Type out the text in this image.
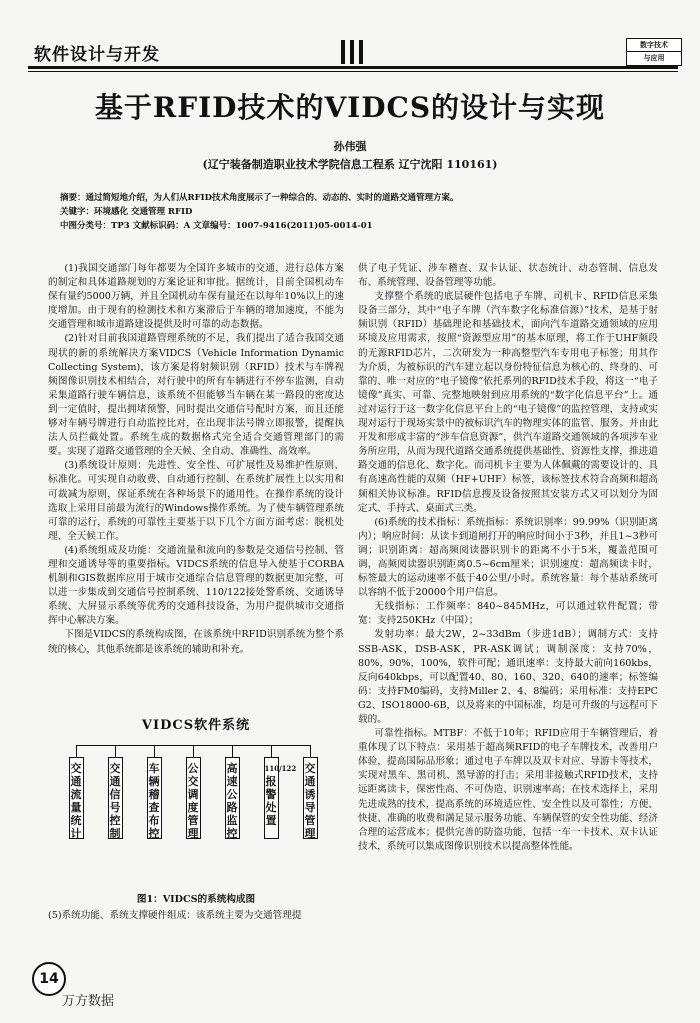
软件设计与开发
数字技术
与应用
基于RFID技术的VIDCS的设计与实现
孙伟强
(辽宁装备制造职业技术学院信息工程系 辽宁沈阳 110161)
摘要：通过简短地介绍，为人们从RFID技术角度展示了一种综合的、动态的、实时的道路交通管理方案。
关键字：环境感化 交通管理 RFID
中图分类号：TP3 文献标识码：A 文章编号：1007-9416(2011)05-0014-01

(1)我国交通部门每年都要为全国许多城市的交通，进行总体方案的制定和具体道路规划的方案论证和审批。据统计，目前全国机动车保有量约5000万辆，并且全国机动车保有量还在以每年10%以上的速度增加。由于现有的检测技术和方案滞后于车辆的增加速度，不能为交通管理和城市道路建设提供及时可靠的动态数据。

(2)针对目前我国道路管理系统的不足，我们提出了适合我国交通现状的新的系统解决方案VIDCS（Vehicle Information Dynamic Collecting System)，该方案是将射频识别（RFID）技术与车牌视频图像识别技术相结合，对行驶中的所有车辆进行不停车监测，自动采集道路行驶车辆信息，该系统不但能够当车辆在某一路段的密度达到一定值时，提出拥堵预警，同时提出交通信号配时方案，而且还能够对车辆号牌进行自动监控比对，在出现非法号牌立即报警，提醒执法人员拦截处置。系统生成的数据格式完全适合交通管理部门的需要。实现了道路交通管理的全天候、全自动、准确性、高效率。

(3)系统设计原则：先进性、安全性、可扩展性及易维护性原则、标准化。可实现自动收费、自动通行控制、在系统扩展性上以实用和可裁减为原则，保证系统在各种场景下的通用性。在操作系统的设计选取上采用目前最为流行的Windows操作系统。为了使车辆管理系统可靠的运行，系统的可靠性主要基于以下几个方面方面考虑：脱机处理、全天候工作。

(4)系统组成及功能：交通流量和流向的参数是交通信号控制、管理和交通诱导等的重要指标。VIDCS系统的信息导入使基于CORBA机制和GIS数据库应用于城市交通综合信息管理的数据更加完整，可以进一步集成到交通信号控制系统、110/122接处警系统、交通诱导系统、大屏显示系统等优秀的交通科技设备，为用户提供城市交通指挥中心解决方案。

下图是VIDCS的系统构成图，在该系统中RFID识别系统为整个系统的核心，其他系统都是该系统的辅助和补充。

VIDCS软件系统
交
通
流
量
统
计
交
通
信
号
控
制
车
辆
稽
查
布
控
公
交
调
度
管
理
高
速
公
路
监
控
110/122
报
警
处
置
交
通
诱
导
管
理
图1：VIDCS的系统构成图
(5)系统功能、系统支撑硬件组成：该系统主要为交通管理提

供了电子凭证、涉车稽查、双卡认证、状态统计、动态管制、信息发布、系统管理、设备管理等功能。

支撑整个系统的底层硬件包括电子车牌、司机卡、RFID信息采集设备三部分，其中“电子车牌（汽车数字化标准信源）”技术，是基于射频识别（RFID）基础理论和基础技术，面向汽车道路交通领域的应用环境及应用需求，按照“资源型应用”的基本原理，将工作于UHF频段的无源RFID芯片，二次研发为一种高整型汽车专用电子标签；用其作为介质，为被标识的汽车建立起以身份特征信息为核心的、终身的、可靠的、唯一对应的“电子镜像”依托系列的RFID技术手段，将这一“电子镜像”真实、可靠、完整地映射到应用系统的“数字化信息平台”上。通过对运行于这一数字化信息平台上的“电子镜像”的监控管理，支持或实现对运行于现场实景中的被标识汽车的物理实体的监管、服务。并由此开发和形成丰富的“涉车信息资源”，供汽车道路交通领域的各项涉车业务所应用，从而为现代道路交通系统提供基础性、资源性支撑，推进道路交通的信息化、数字化。而司机卡主要为人体佩戴的需要设计的、具有高速高性能的双频（HF+UHF）标签，该标签技术符合高频和超高频相关协议标准。RFID信息搜及设备按照其安装方式又可以划分为固定式、手持式、桌面式三类。

(6)系统的技术指标：系统指标：系统识别率：99.99%（识别距离内）；响应时间：从读卡到道闸打开的响应时间小于3秒，并且1~3秒可调；识别距离：超高频阅读器识别卡的距离不小于5米，覆盖范围可调，高频阅读器识别距离0.5~6cm厘米；识别速度：超高频读卡时，标签最大的运动速率不低于40公里/小时。系统容量：每个基站系统可以容纳不低于20000个用户信息。

无线指标：工作频率：840~845MHz，可以通过软件配置；带宽：支持250KHz（中国）；

发射功率：最大2W，2~33dBm（步进1dB）；调制方式：支持SSB-ASK，DSB-ASK，PR-ASK调试；调制深度：支持70%，80%，90%，100%，软件可配；通讯速率：支持最大前向160kbs，反向640kbps，可以配置40、80、160、320、640的速率；标签编码：支持FM0编码，支持Miller 2、4、8编码；采用标准：支持EPC G2、ISO18000-6B，以及将来的中国标准，均是可升级的与远程可下载的。

可靠性指标。MTBF：不低于10年；RFID应用于车辆管理后，着重体现了以下特点：采用基于超高频RFID的电子车牌技术，改善用户体验，提高国际品形象；通过电子车牌以及双卡对应、导游卡等技术，实现对黑车、黑司机、黑导游的打击；采用非接触式RFID技术，支持远距离读卡，保密性高、不可伪造、识别速率高；在技术选择上，采用先进成熟的技术，提高系统的环境适应性、安全性以及可靠性；方便、快捷、准确的收费和满足显示服务功能、车辆保管的安全性功能、经济合理的运营成本；提供完善的防盗功能，包括一车一卡技术、双卡认证技术，系统可以集成图像识别技术以提高整体性能。

14
万方数据
